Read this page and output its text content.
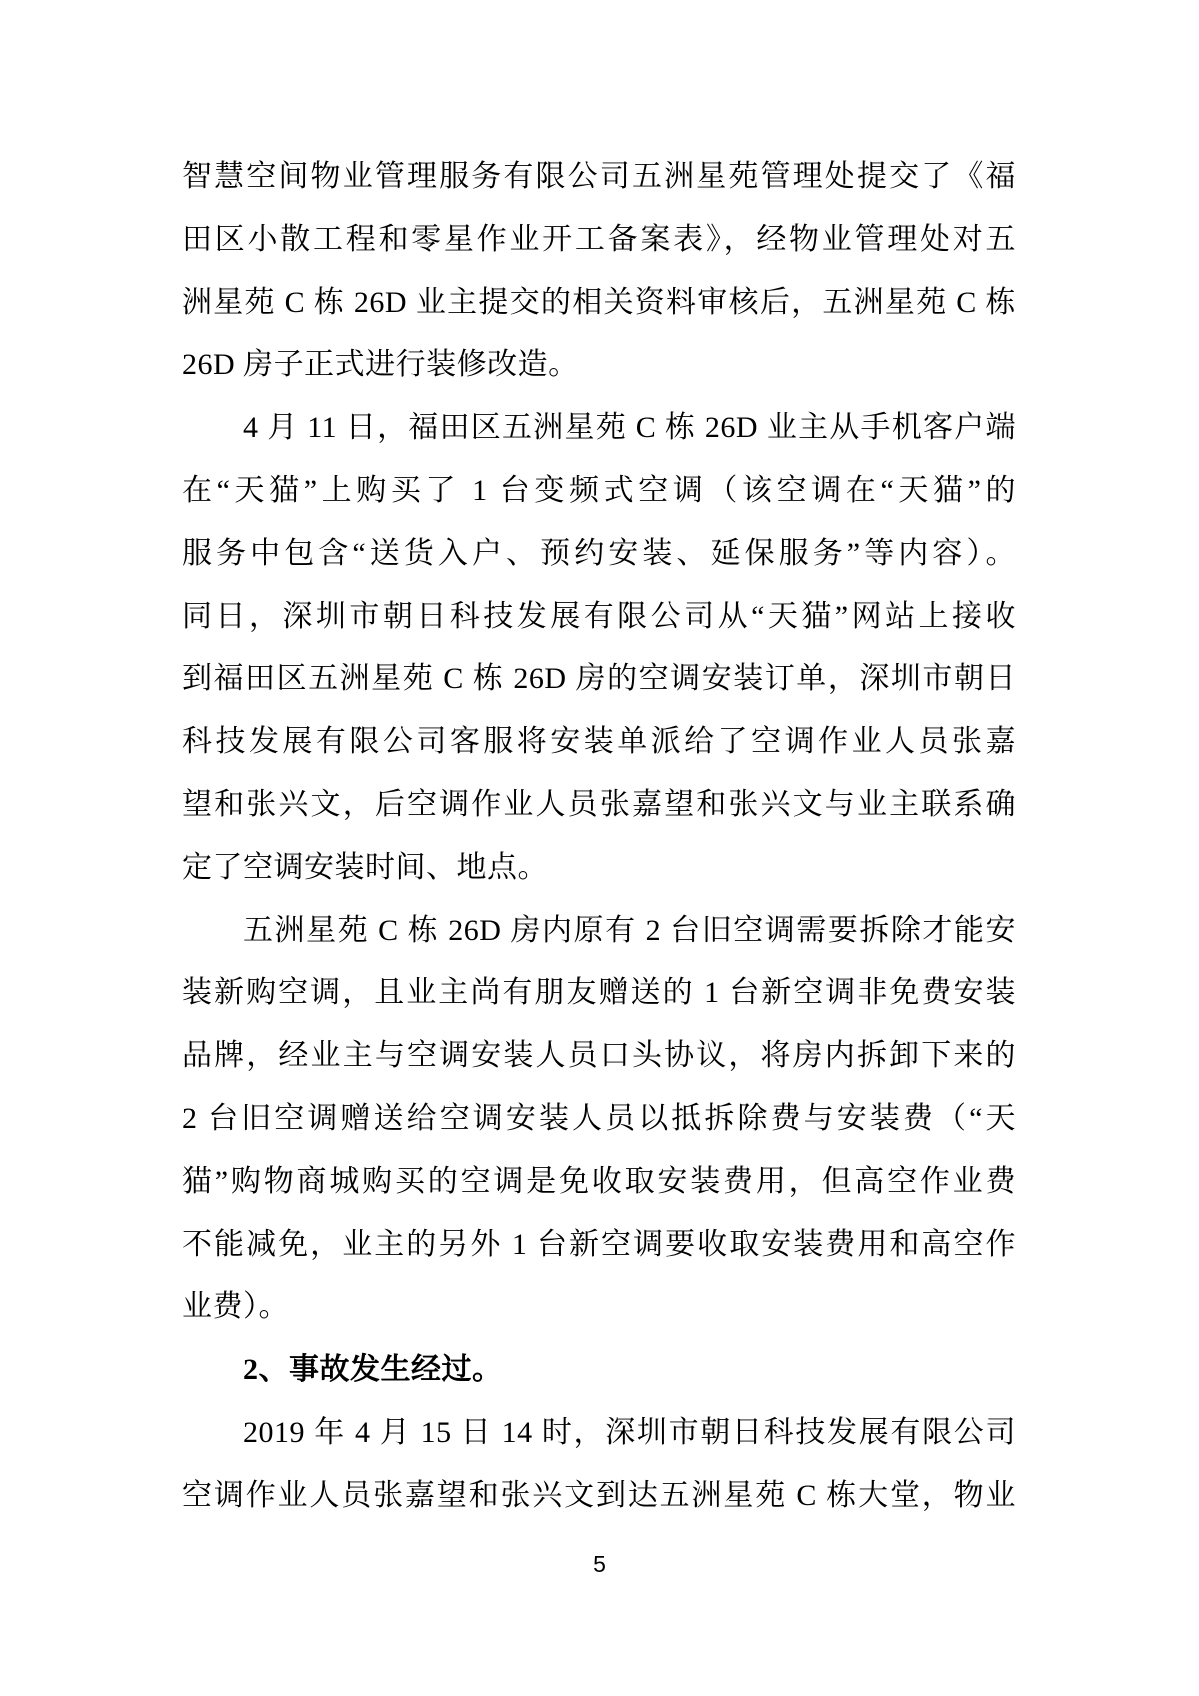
智慧空间物业管理服务有限公司五洲星苑管理处提交了《福
田区小散工程和零星作业开工备案表》，经物业管理处对五
洲星苑 C 栋 26D 业主提交的相关资料审核后，五洲星苑 C 栋
26D 房子正式进行装修改造。
4 月 11 日，福田区五洲星苑 C 栋 26D 业主从手机客户端
在“天猫”上购买了 1 台变频式空调（该空调在“天猫”的
服务中包含“送货入户、预约安装、延保服务”等内容）。
同日，深圳市朝日科技发展有限公司从“天猫”网站上接收
到福田区五洲星苑 C 栋 26D 房的空调安装订单，深圳市朝日
科技发展有限公司客服将安装单派给了空调作业人员张嘉
望和张兴文，后空调作业人员张嘉望和张兴文与业主联系确
定了空调安装时间、地点。
五洲星苑 C 栋 26D 房内原有 2 台旧空调需要拆除才能安
装新购空调，且业主尚有朋友赠送的 1 台新空调非免费安装
品牌，经业主与空调安装人员口头协议，将房内拆卸下来的
2 台旧空调赠送给空调安装人员以抵拆除费与安装费（“天
猫”购物商城购买的空调是免收取安装费用，但高空作业费
不能减免，业主的另外 1 台新空调要收取安装费用和高空作
业费）。
2、事故发生经过。
2019 年 4 月 15 日 14 时，深圳市朝日科技发展有限公司
空调作业人员张嘉望和张兴文到达五洲星苑 C 栋大堂，物业
5
